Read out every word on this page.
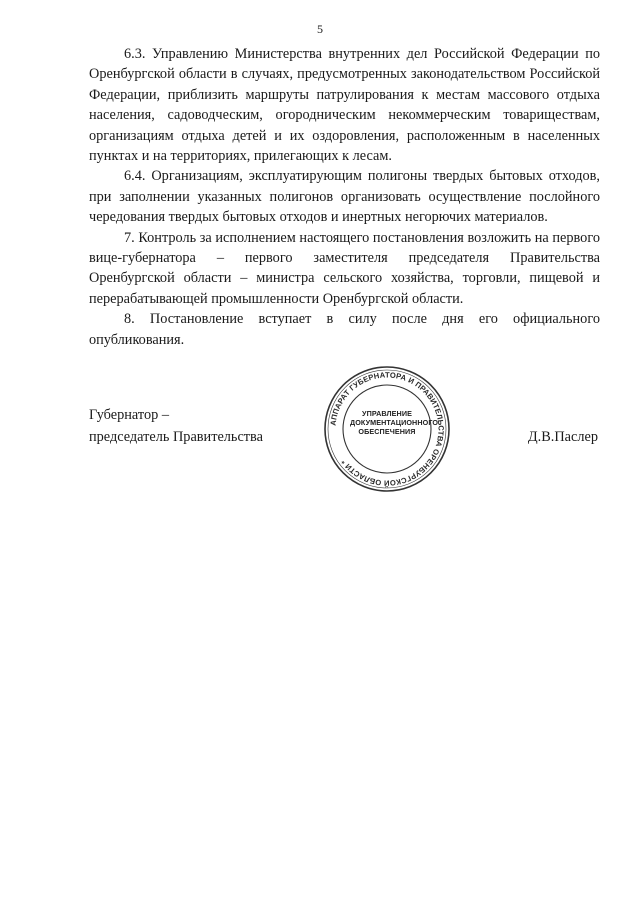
5

6.3. Управлению Министерства внутренних дел Российской Федерации по Оренбургской области в случаях, предусмотренных законодательством Российской Федерации, приблизить маршруты патрулирования к местам массового отдыха населения, садоводческим, огородническим некоммерческим товариществам, организациям отдыха детей и их оздоровления, расположенным в населенных пунктах и на территориях, прилегающих к лесам.

6.4. Организациям, эксплуатирующим полигоны твердых бытовых отходов, при заполнении указанных полигонов организовать осуществление послойного чередования твердых бытовых отходов и инертных негорючих материалов.

7. Контроль за исполнением настоящего постановления возложить на первого вице-губернатора – первого заместителя председателя Правительства Оренбургской области – министра сельского хозяйства, торговли, пищевой и перерабатывающей промышленности Оренбургской области.

8. Постановление вступает в силу после дня его официального опубликования.

Губернатор –
председатель Правительства
АППАРАТ ГУБЕРНАТОРА И ПРАВИТЕЛЬСТВА ОРЕНБУРГСКОЙ ОБЛАСТИ *
УПРАВЛЕНИЕ
ДОКУМЕНТАЦИОННОГО
ОБЕСПЕЧЕНИЯ	Д.В.Паслер
